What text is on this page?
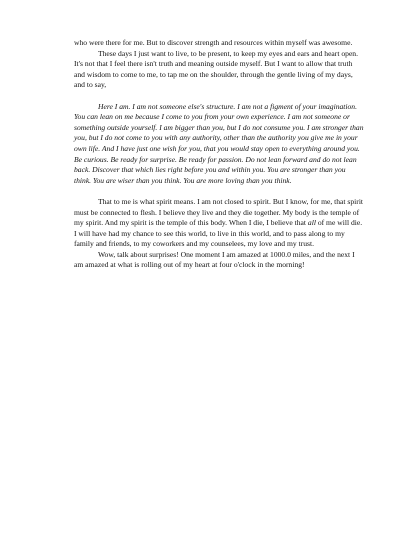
who were there for me. But to discover strength and resources within myself was awesome.

These days I just want to live, to be present, to keep my eyes and ears and heart open. It's not that I feel there isn't truth and meaning outside myself. But I want to allow that truth and wisdom to come to me, to tap me on the shoulder, through the gentle living of my days, and to say,

Here I am. I am not someone else's structure. I am not a figment of your imagination. You can lean on me because I come to you from your own experience. I am not someone or something outside yourself. I am bigger than you, but I do not consume you. I am stronger than you, but I do not come to you with any authority, other than the authority you give me in your own life. And I have just one wish for you, that you would stay open to everything around you. Be curious. Be ready for surprise. Be ready for passion. Do not lean forward and do not lean back. Discover that which lies right before you and within you. You are stronger than you think. You are wiser than you think. You are more loving than you think.

That to me is what spirit means. I am not closed to spirit. But I know, for me, that spirit must be connected to flesh. I believe they live and they die together. My body is the temple of my spirit. And my spirit is the temple of this body. When I die, I believe that all of me will die. I will have had my chance to see this world, to live in this world, and to pass along to my family and friends, to my coworkers and my counselees, my love and my trust.

Wow, talk about surprises! One moment I am amazed at 1000.0 miles, and the next I am amazed at what is rolling out of my heart at four o'clock in the morning!
